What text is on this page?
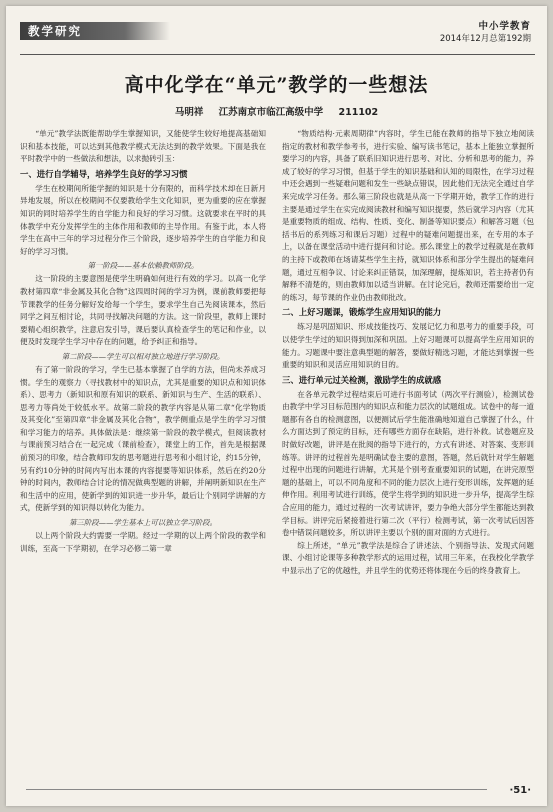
教学研究	中小学教育
2014年12月总第192期
高中化学在“单元”教学的一些想法
马明祥 江苏南京市临江高级中学 211102

“单元”教学法既能帮助学生掌握知识，又能使学生较好地提高基础知识和基本技能，可以达到其他教学模式无法达到的教学效果。下面是我在平时教学中的一些做法和想法，以求抛砖引玉：

一、进行自学辅导，培养学生良好的学习习惯

学生在校期间所能学握的知识是十分有限的，而科学技术却在日新月异地发展，所以在校期间不仅要教给学生文化知识，更为重要的应在掌握知识的同时培养学生的自学能力和良好的学习习惯。这就要求在平时的具体教学中充分发挥学生的主体作用和教师的主导作用。有鉴于此，本人将学生在高中三年的学习过程分作三个阶段，逐步培养学生的自学能力和良好的学习习惯。

第一阶段——基本依赖教师阶段。

这一阶段的主要意图是使学生明确如何进行有效的学习。以高一化学教材第四章“非金属及其化合物”这四周时间的学习为例，课前教师要把每节课教学的任务分解好发给每一个学生，要求学生自己先阅读课本，然后同学之间互相讨论，共同寻找解决问题的方法。这一阶段里，教师上课时要精心组织教学，注意启发引导，课后要认真检查学生的笔记和作业，以便及时发现学生学习中存在的问题，给予纠正和指导。

第二阶段——学生可以相对独立地进行学习阶段。

有了第一阶段的学习，学生已基本掌握了自学的方法，但尚未养成习惯。学生的观察力（寻找教材中的知识点，尤其是重要的知识点和知识体系）、思考力（新知识和原有知识的联系、新知识与生产、生活的联系）、思考力等尚处于较低水平。故第二阶段的教学内容是从第二章“化学物质及其变化”至第四章“非金属及其化合物”，教学侧重点是学生的学习习惯和学习能力的培养。具体做法是：继续第一阶段的教学模式，但阅读教材与课前预习结合在一起完成（课前检查），课堂上的工作，首先是根据课前预习的印象，结合教师印发的思考题进行思考和小组讨论，约15分钟，另有约10分钟的时间内写出本课的内容提要等知识体系，然后在约20分钟的时间内，教师结合讨论的情况做典型题的讲解，并阐明新知识在生产和生活中的应用，使新学到的知识进一步升华，最后让个别同学讲解的方式，使新学到的知识得以转化为能力。

第三阶段——学生基本上可以独立学习阶段。

以上两个阶段大约需要一学期。经过一学期的以上两个阶段的教学和训练，至高一下学期初，在学习必修二第一章

“物质结构·元素周期律”内容时，学生已能在教师的指导下独立地阅读指定的教材和教学参考书，进行实验、编写读书笔记，基本上能独立掌握所要学习的内容，具备了联系旧知识进行思考、对比、分析和思考的能力，养成了较好的学习习惯，但基于学生的知识基础和认知的局限性，在学习过程中还会遇到一些疑难问题和发生一些缺点错误，因此他们无法完全通过自学来完成学习任务。那么第三阶段也就是从高一下学期开始，教学工作的进行主要是通过学生在实完成阅读教材和编写知识提要，然后就学习内容（尤其是重要物质的组成、结构、性质、变化、制备等知识要点）和解答习题（包括书后的系列练习和课后习题）过程中的疑难问题提出来，在专用的本子上，以备在课堂活动中进行提问和讨论。那么课堂上的教学过程就是在教师的主持下或教师在场请某些学生主持，就知识体系和部分学生提出的疑难问题，通过互相争议、讨论来纠正错误，加深理解，提炼知识，若主持者仍有解释不清楚的，则由教师加以适当讲解。在讨论完后，教师还需要给出一定的练习，每节课的作业仍由教师批改。

二、上好习题课，锻炼学生应用知识的能力

练习是巩固知识、形成技能技巧、发展记忆力和思考力的重要手段，可以使学生学过的知识得到加深和巩固。上好习题课可以提高学生应用知识的能力。习题课中要注意典型题的解答，要做好精选习题，才能达到掌握一些重要的知识和灵活应用知识的目的。

三、进行单元过关检测，激励学生的成就感

在各单元教学过程结束后可进行书面考试（两次平行测验），检测试卷由教学中学习目标范围内的知识点和能力层次的试题组成。试卷中的每一道题都有各自的检测意图，以便测试后学生能准确地知道自己掌握了什么，什么方面达到了预定的目标，还有哪些方面存在缺陷，进行补救。试卷题应及时做好改题，讲评是在批阅的指导下进行的，方式有讲述、对答案、变形训练等。讲评的过程首先是明确试卷主要的意图，答题，然后就针对学生解题过程中出现的问题进行讲解，尤其是个别考查重要知识的试题，在讲完原型题的基础上，可以不同角度和不同的能力层次上进行变形训练，发挥题的延伸作用。利用考试进行训练，使学生将学到的知识进一步升华，提高学生综合应用的能力，通过过程的一次考试讲评，要力争绝大部分学生都能达到教学目标。讲评完后紧接着进行第二次（平行）检测考试，第一次考试后因答卷中错误问题较多，所以讲评主要以个别的面对面的方式进行。

综上所述，“单元”教学法是综合了讲述法、个别指导法、发现式问题课、小组讨论课等多种教学形式的运用过程，试用三年来，在我校化学教学中显示出了它的优越性，并且学生的优势还将体现在今后的终身教育上。

·51·
